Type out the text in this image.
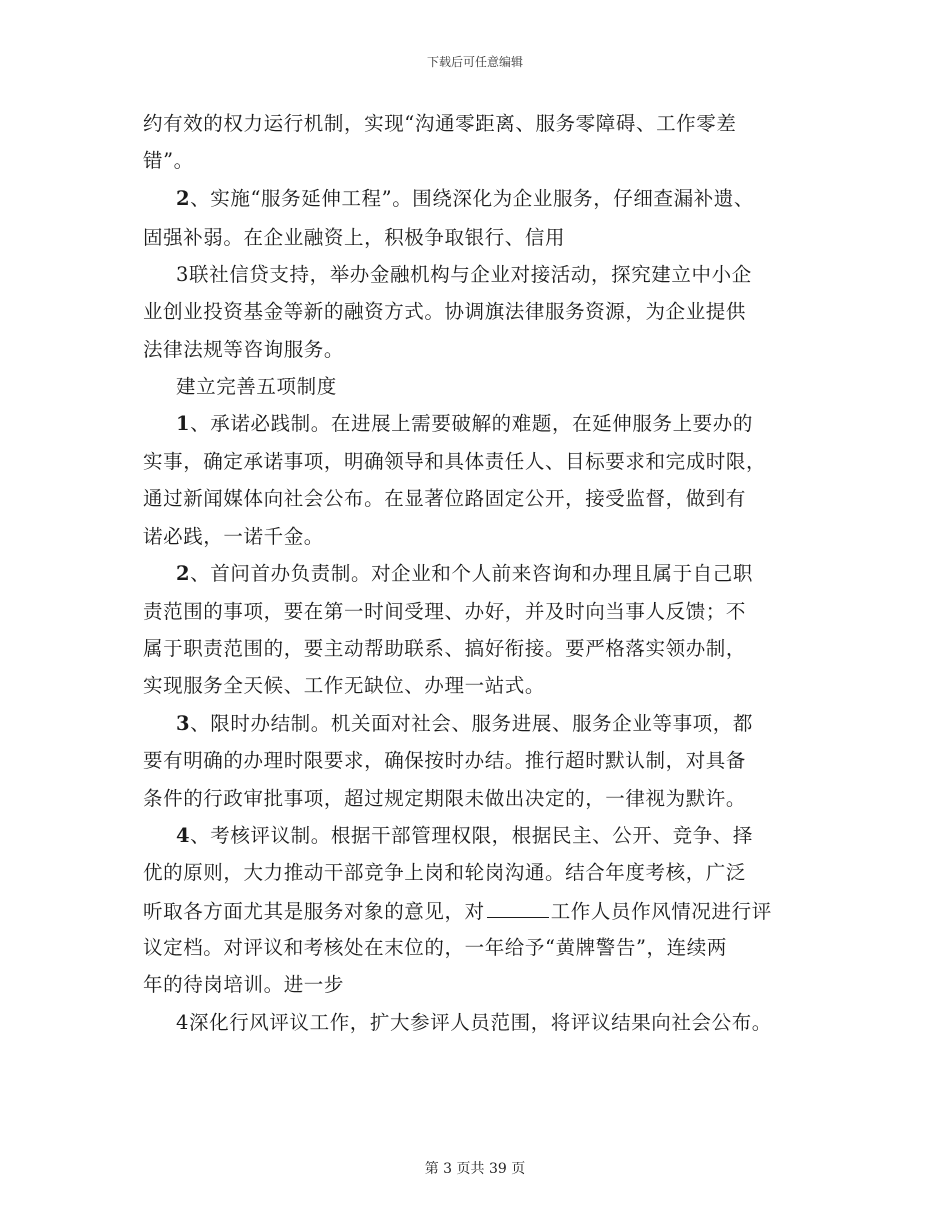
下载后可任意编辑
约有效的权力运行机制，实现“沟通零距离、服务零障碍、工作零差
错”。
2、实施“服务延伸工程”。围绕深化为企业服务，仔细查漏补遗、
固强补弱。在企业融资上，积极争取银行、信用
3联社信贷支持，举办金融机构与企业对接活动，探究建立中小企
业创业投资基金等新的融资方式。协调旗法律服务资源，为企业提供
法律法规等咨询服务。
建立完善五项制度
1、承诺必践制。在进展上需要破解的难题，在延伸服务上要办的
实事，确定承诺事项，明确领导和具体责任人、目标要求和完成时限，
通过新闻媒体向社会公布。在显著位路固定公开，接受监督，做到有
诺必践，一诺千金。
2、首问首办负责制。对企业和个人前来咨询和办理且属于自己职
责范围的事项，要在第一时间受理、办好，并及时向当事人反馈；不
属于职责范围的，要主动帮助联系、搞好衔接。要严格落实领办制，
实现服务全天候、工作无缺位、办理一站式。
3、限时办结制。机关面对社会、服务进展、服务企业等事项，都
要有明确的办理时限要求，确保按时办结。推行超时默认制，对具备
条件的行政审批事项，超过规定期限未做出决定的，一律视为默许。
4、考核评议制。根据干部管理权限，根据民主、公开、竞争、择
优的原则，大力推动干部竞争上岗和轮岗沟通。结合年度考核，广泛
听取各方面尤其是服务对象的意见，对	工作人员作风情况进行评
议定档。对评议和考核处在末位的，一年给予“黄牌警告”，连续两
年的待岗培训。进一步
4深化行风评议工作，扩大参评人员范围，将评议结果向社会公布。
第 3 页共 39 页
